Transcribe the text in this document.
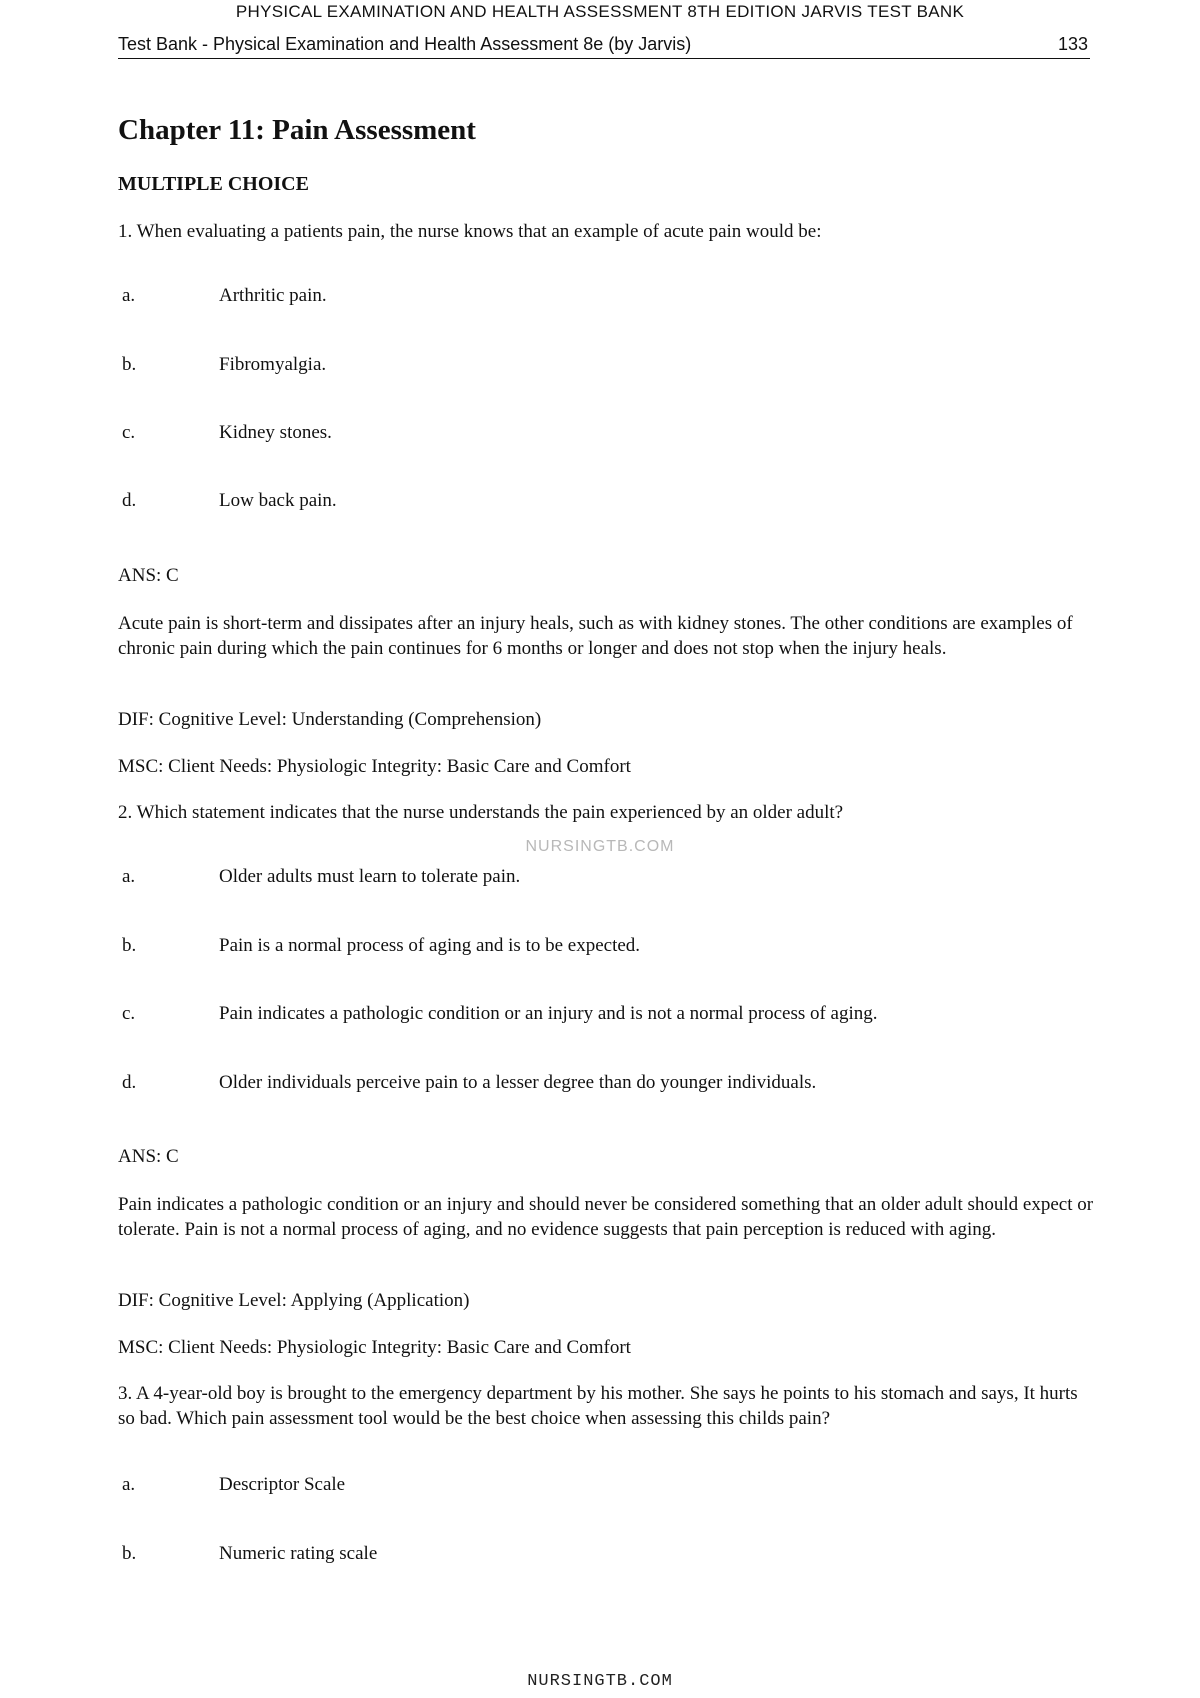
PHYSICAL EXAMINATION AND HEALTH ASSESSMENT 8TH EDITION JARVIS TEST BANK
Test Bank - Physical Examination and Health Assessment 8e (by Jarvis)	133
Chapter 11: Pain Assessment
MULTIPLE CHOICE
1. When evaluating a patients pain, the nurse knows that an example of acute pain would be:
a.	Arthritic pain.
b.	Fibromyalgia.
c.	Kidney stones.
d.	Low back pain.
ANS: C
Acute pain is short-term and dissipates after an injury heals, such as with kidney stones. The other conditions are examples of chronic pain during which the pain continues for 6 months or longer and does not stop when the injury heals.
DIF: Cognitive Level: Understanding (Comprehension)
MSC: Client Needs: Physiologic Integrity: Basic Care and Comfort
2. Which statement indicates that the nurse understands the pain experienced by an older adult?
NURSINGTB.COM
a.	Older adults must learn to tolerate pain.
b.	Pain is a normal process of aging and is to be expected.
c.	Pain indicates a pathologic condition or an injury and is not a normal process of aging.
d.	Older individuals perceive pain to a lesser degree than do younger individuals.
ANS: C
Pain indicates a pathologic condition or an injury and should never be considered something that an older adult should expect or tolerate. Pain is not a normal process of aging, and no evidence suggests that pain perception is reduced with aging.
DIF: Cognitive Level: Applying (Application)
MSC: Client Needs: Physiologic Integrity: Basic Care and Comfort
3. A 4-year-old boy is brought to the emergency department by his mother. She says he points to his stomach and says, It hurts so bad. Which pain assessment tool would be the best choice when assessing this childs pain?
a.	Descriptor Scale
b.	Numeric rating scale
NURSINGTB.COM
